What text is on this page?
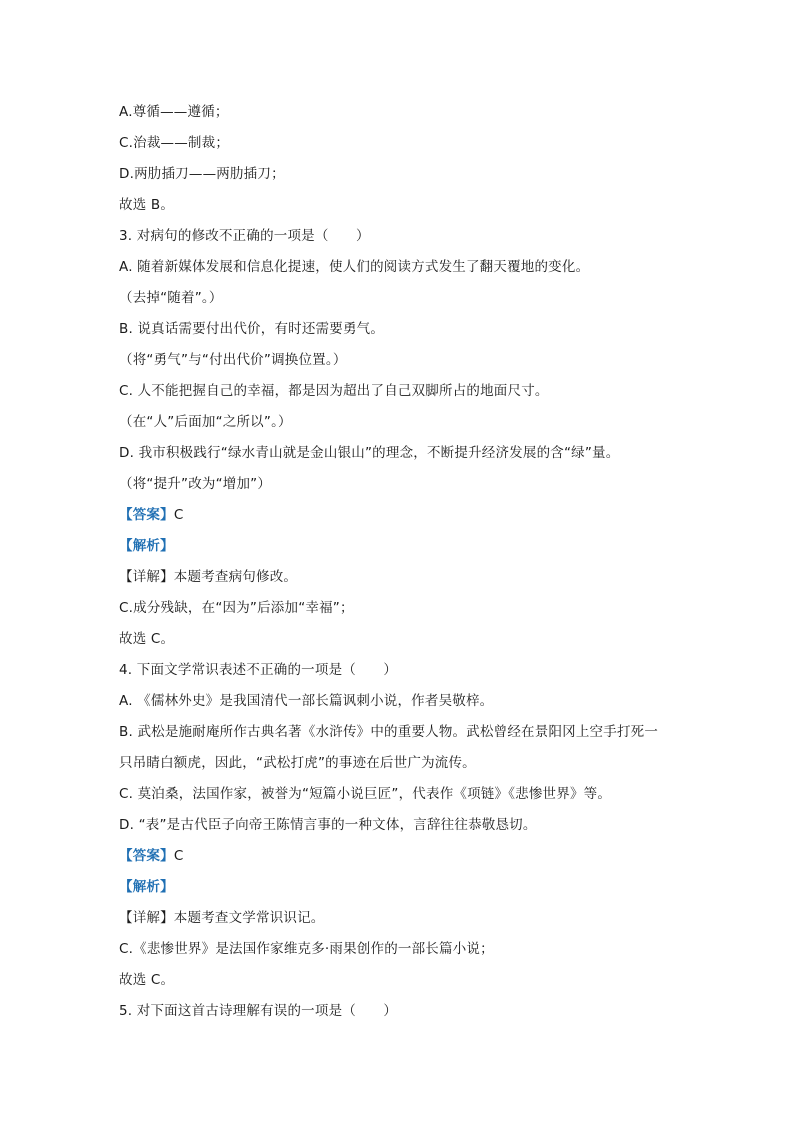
A.尊循——遵循；
C.治裁——制裁；
D.两肋插刀——两肋插刀；
故选 B。
3. 对病句的修改不正确的一项是（　　）
A. 随着新媒体发展和信息化提速，使人们的阅读方式发生了翻天覆地的变化。
（去掉“随着”。）
B. 说真话需要付出代价，有时还需要勇气。
（将“勇气”与“付出代价”调换位置。）
C. 人不能把握自己的幸福，都是因为超出了自己双脚所占的地面尺寸。
（在“人”后面加“之所以”。）
D. 我市积极践行“绿水青山就是金山银山”的理念，不断提升经济发展的含“绿”量。
（将“提升”改为“增加”）
【答案】C
【解析】
【详解】本题考查病句修改。
C.成分残缺，在“因为”后添加“幸福”；
故选 C。
4. 下面文学常识表述不正确的一项是（　　）
A. 《儒林外史》是我国清代一部长篇讽刺小说，作者吴敬梓。
B. 武松是施耐庵所作古典名著《水浒传》中的重要人物。武松曾经在景阳冈上空手打死一
只吊睛白额虎，因此，“武松打虎”的事迹在后世广为流传。
C. 莫泊桑，法国作家，被誉为“短篇小说巨匠”，代表作《项链》《悲惨世界》等。
D. “表”是古代臣子向帝王陈情言事的一种文体，言辞往往恭敬恳切。
【答案】C
【解析】
【详解】本题考查文学常识识记。
C.《悲惨世界》是法国作家维克多·雨果创作的一部长篇小说；
故选 C。
5. 对下面这首古诗理解有误的一项是（　　）
